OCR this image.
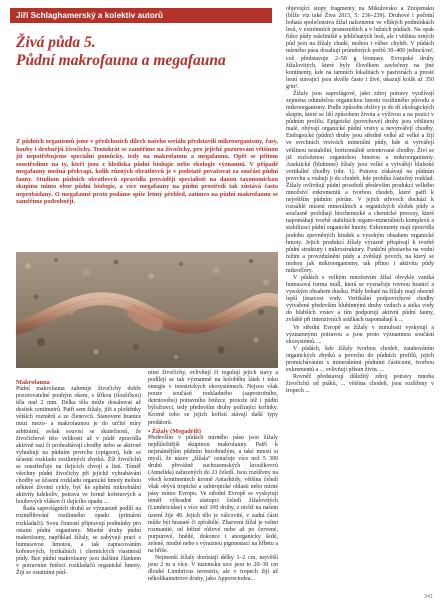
Jiří Schlaghamerský a kolektiv autorů
Živá půda 5.
Půdní makrofauna a megafauna

Z půdních organismů jsme v předchozích dílech našeho seriálu představili mikroorganismy, řasy, houby i drobnější živočichy. Tentokrát se zaměříme na živočichy, pro jejichž pozorování většinou již nepotřebujeme speciální pomůcky, tedy na makrofaunu a megafaunu. Opět se přitom soustředíme na ty, kteří jsou z hlediska půdní biologie nebo ekologie významní. V případě megafauny možná překvapí, kolik různých obratlovců je v podstatě považovat za součást půdní fauny. Studium půdních obratlovců zpravidla provádějí specialisté na danou taxonomickou skupinu mimo obor půdní biologie, a více megafauny na půdní prostředí tak zůstává často neprobádaný. O megafauně proto podáme spíše letmý přehled, zatímco na půdní makrofaunu se zaměříme podrobněji.

Makrofauna

Půdní makrofauna zahrnuje živočichy dobře pozorovatelné pouhým okem, s šířkou (tloušťkou) těla nad 2 mm. Délka těla může dosahovat až desítek centimetrů. Patří sem žížaly, jíži a ploštěnky větších rozměrů a ze členovců. Stanovení hranice mezi mezo- a makrofaunou je do určité míry arbitrární, avšak souvisí se skutečností, že živočichové této velikosti až v půdě zpravidla aktivně razí či prohrabávají chodby nebo se aktivně vyhrabují na půdním povrchu (epigeon), kde se účastní rozkladu rostlinných zbytků. Žíž živočichů se soustřeďuje na tlejících chvojí a listí. Téměř všechny půdní živočichy při jejichž vyhrabávání chodby se účastní rozkladu organické hmoty mohou některé životní cykly, byť ke splnění mikrobiální aktivity kdekoliv, potrava ve formě kořenových a houbových vláken či tlejícího opadu ...

Řada saprofágních druhů se významně podílí na rozmělňování rostlinného opadu (primární rozkladači). Svou činností připravují podmínky pro ostatní půdní organismy. Mnohé druhy půdní makrofauny, například žížaly, se zabývají prací s humusovou hmotou, a tak zapracováním kořenových, fyzikálních i chemických vlastností půdy. Bez půdní makrofauny jsou dalšími článkem v potravním řetězci rozkladačů organické hmoty. Žijí se ostatními půd-

ními živočichy, ovlivňují či regulují jejich stavy a podílejí se tak významně na koloběhu látek i toku energie v terestrických ekosystémech. Nejsou však pouze součástí rozkladného (saprotrofního, detritového) potravního řetězce, protože též i půdní býložravci, tedy především druhy požírající kořínky. Kromě toho se jejich kořistí stávají další typy predátorů.

▪ Žížaly (Megadrili)

Především v půdách mírného pásu jsou žížaly nejdůležitější skupinou makrofauny. Patří k nejznámějším půdním bezobratlým, a také mnozí si myslí, že název „žížala“ označuje více než 5 300 druhů převážně suchozemských kroužkovců (Annelida) zařazených do 23 čeledí. Jsou rozšířeny na všech kontinentech kromě Antarktidy, většina čeledí však obývá tropické a subtropické oblasti nebo mírné pásy mimo Evropu. Ve střední Evropě se vyskytují téměř výhradně zástupci čeledi žížalovitých (Lumbricidae) s více než 100 druhy, z nichž na našem území žije 49. Jejich tělo je válcovité, v zadní části může být hranaté či zploštělé. Zbarvení žížal je velmi rozmanité, od běžné růžové nebo až po červené, purpurové, hnědé, dokonce i anorganicky šedé, zelené, modré nebo s výraznou pigmentací na hřbetu a na břiše.

Nejmenší žížaly dorůstají délky 1–2 cm, největší jsou 2 m a více. V tuzemsku sice jsou to 20–30 cm dlouhé Lumbricus terrestris, ale v tropech žijí až několikametrové druhy, jako Apporectodea...

objevující stopy fragmenty na Mikulovsku a Znojemsku (blíže viz také Živa 2015, 5: 236–239). Druhové i početní bohatá společenstva žížal nalezneme ve vlhkých podmínkách lesů, v extrémních prameništích a v lužních půdách. Na opak řídce půdy rašeliniště a jehličnatých lesů, ale i většina orných půd jsou na žížaly chudé, mohou i vůbec chybět. V půdách mírného pásu dosahují průměrných počtů 30–400 jedinců/m², což představuje 2–50 g biomasy. Evropské druhy žížalovitých, které byly člověkem zavlečeny na jiné kontinenty, kde na tamních lokalitách v pastvinách a prosté lesní stávající jsou skvěle často i živé, ukazují kolik až 350 g/m².

Žížaly jsou saprofágové, jako zdroj potravy využívají zejména odumřelou organickou hmotu rostlinného původu a mikroorganismy. Podle způsobu obživy je do tří ekologických skupin, které se liší způsobem života a výživou a na pozici v půdním profilu. Epigeické (povrchové) druhy jsou většinou malé, obývají organické půdní vrstvy a nevytvářejí chodby. Endogeické (půdní) druhy jsou středně velké až velké a žijí ve svrchních vrstvách minerální půdy, kde si vytvářejí většinou nestabilní, horizontálně orientované chodby. Živí se již rozloženou organickou hmotou a mikroorganismy. Anektické (hlubinné) žížaly jsou velké a vytvářejí hluboké vertikální chodby (obr. 1). Potravu získávají na půdním povrchu a vtahují ji do chodeb, kde probíhá částečný rozklad. Žížaly ovlivňují půdní prostředí především produkcí velkého množství exkrementů a tvorbou chodeb, které patří k největším půdním pórům. V jejich střevech dochází k rozsáhlé mísení minerálních a organických složek půdy a současně probíhají biochemické a chemické procesy, které napomáhají tvorbě stabilních organo-minerálních komplexů a stabilizaci půdní organické hmoty. Exkrementy mají zpravidla podobu zpevněných hrudek a vysokým obsahem organické hmoty. Jejich produkcí žížaly výrazně přispívají k tvorbě půdní struktury i mikrostruktury. Funkční přestavba na vodní režim a provzdušnění půdy a zvětšují povrch, na který se mohou jak mikroorganismy, tak přímo i aktivitu půdy mikroflóry.

V půdách s velkým množstvím žížal obvykle vzniká humusová forma mull, která se vyznačuje rovnou hranicí a vysokým obsahem dusíku. Půdy bohaté na žížaly mají obecně lepší jímavost vody. Vertikální podpovrchové chodby vytvářené především hlubinnými druhy vzduch a stéka vody do hlubších vrstev a tím podporují aktivní půdní fauny, zvláště při intenzivních srážkách napomáhají k ...

Ve střední Evropě se žížaly v minulosti vyskytují a významnými potravou a jsou proto významnou součástí ekosystémů. ...

V půdách, kde žížaly tvorbou chodeb, zatahováním organických zbytků a povrchu do půdních profilů, jejich promícháváním s minerálními půdními částicemi, tvorbou exkrementů a ... ovlivňují přísun živin. ...

Rovněž představují důležitý zdroj potravy mnoha živočichů od ptáků, ... většina chodeb, jsou rozšířeny v tropech ...

341
